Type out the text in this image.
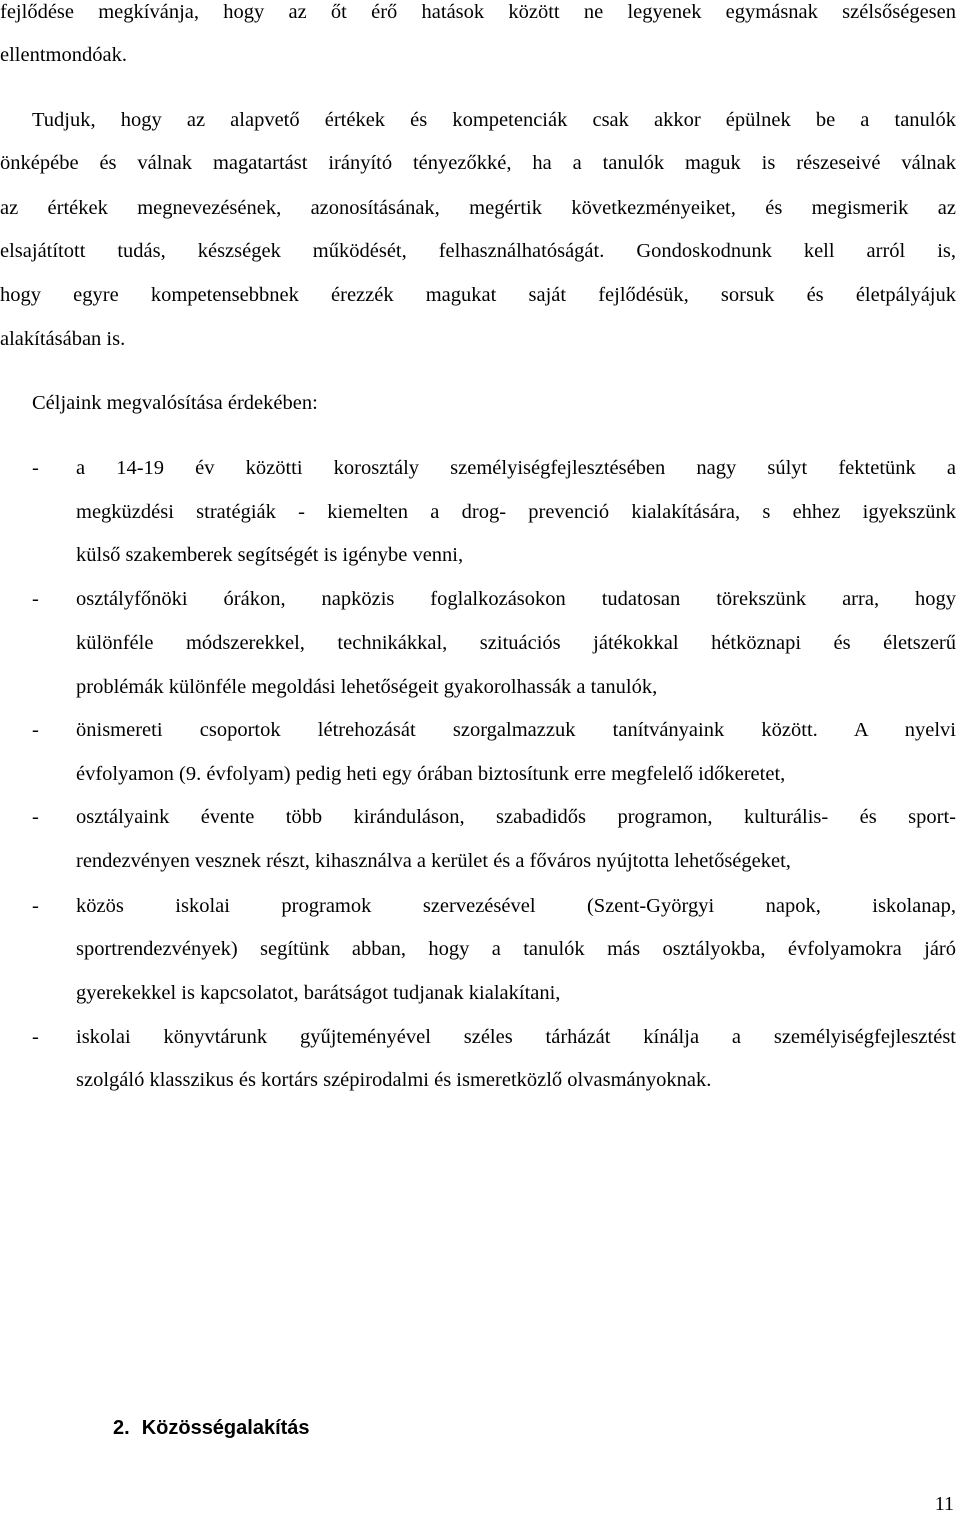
fejlődése megkívánja, hogy az őt érő hatások között ne legyenek egymásnak szélsőségesen
ellentmondóak.
Tudjuk, hogy az alapvető értékek és kompetenciák csak akkor épülnek be a tanulók
önképébe és válnak magatartást irányító tényezőkké, ha a tanulók maguk is részeseivé válnak
az értékek megnevezésének, azonosításának, megértik következményeiket, és megismerik az
elsajátított tudás, készségek működését, felhasználhatóságát. Gondoskodnunk kell arról is,
hogy egyre kompetensebbnek érezzék magukat saját fejlődésük, sorsuk és életpályájuk
alakításában is.
Céljaink megvalósítása érdekében:
- a 14-19 év közötti korosztály személyiségfejlesztésében nagy súlyt fektetünk a
megküzdési stratégiák - kiemelten a drog- prevenció kialakítására, s ehhez igyekszünk
külső szakemberek segítségét is igénybe venni,
- osztályfőnöki órákon, napközis foglalkozásokon tudatosan törekszünk arra, hogy
különféle módszerekkel, technikákkal, szituációs játékokkal hétköznapi és életszerű
problémák különféle megoldási lehetőségeit gyakorolhassák a tanulók,
- önismereti csoportok létrehozását szorgalmazzuk tanítványaink között. A nyelvi
évfolyamon (9. évfolyam) pedig heti egy órában biztosítunk erre megfelelő időkeretet,
- osztályaink évente több kiránduláson, szabadidős programon, kulturális- és sport-
rendezvényen vesznek részt, kihasználva a kerület és a főváros nyújtotta lehetőségeket,
- közös iskolai programok szervezésével (Szent-Györgyi napok, iskolanap,
sportrendezvények) segítünk abban, hogy a tanulók más osztályokba, évfolyamokra járó
gyerekekkel is kapcsolatot, barátságot tudjanak kialakítani,
- iskolai könyvtárunk gyűjteményével széles tárházát kínálja a személyiségfejlesztést
szolgáló klasszikus és kortárs szépirodalmi és ismeretközlő olvasmányoknak.
2. Közösségalakítás
11
